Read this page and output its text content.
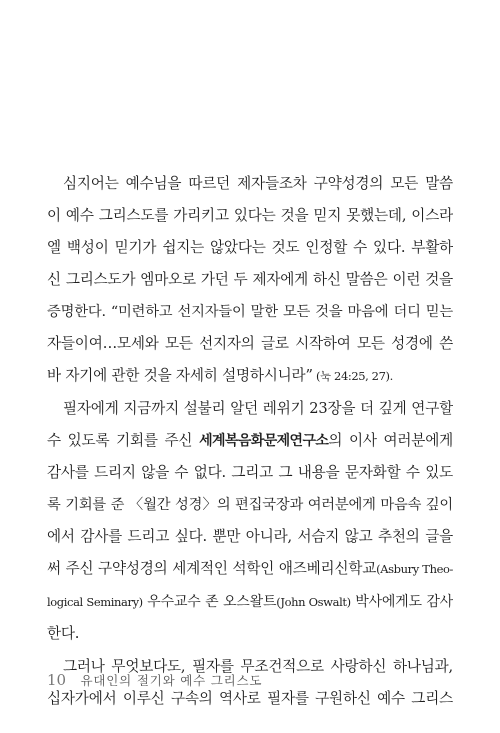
심지어는 예수님을 따르던 제자들조차 구약성경의 모든 말씀
이 예수 그리스도를 가리키고 있다는 것을 믿지 못했는데, 이스라
엘 백성이 믿기가 쉽지는 않았다는 것도 인정할 수 있다. 부활하
신 그리스도가 엠마오로 가던 두 제자에게 하신 말씀은 이런 것을
증명한다. “미련하고 선지자들이 말한 모든 것을 마음에 더디 믿는
자들이여…모세와 모든 선지자의 글로 시작하여 모든 성경에 쓴
바 자기에 관한 것을 자세히 설명하시니라” (눅 24:25, 27).
필자에게 지금까지 설불리 알던 레위기 23장을 더 깊게 연구할
수 있도록 기회를 주신 세계복음화문제연구소의 이사 여러분에게
감사를 드리지 않을 수 없다. 그리고 그 내용을 문자화할 수 있도
록 기회를 준 〈월간 성경〉의 편집국장과 여러분에게 마음속 깊이
에서 감사를 드리고 싶다. 뿐만 아니라, 서슴지 않고 추천의 글을
써 주신 구약성경의 세계적인 석학인 애즈베리신학교(Asbury Theo-
logical Seminary) 우수교수 존 오스왈트(John Oswalt) 박사에게도 감사
한다.
그러나 무엇보다도, 필자를 무조건적으로 사랑하신 하나님과,
십자가에서 이루신 구속의 역사로 필자를 구원하신 예수 그리스
10 유대인의 절기와 예수 그리스도
